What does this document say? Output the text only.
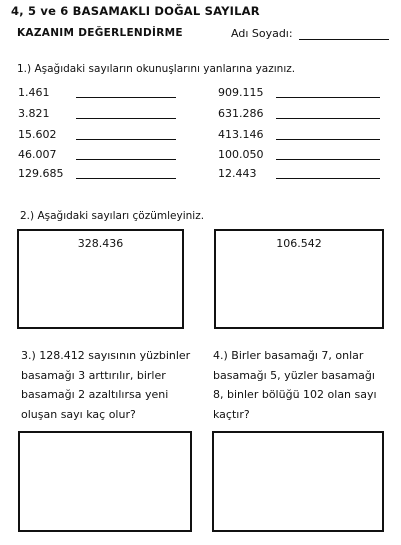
4, 5 ve 6 BASAMAKLI DOĞAL SAYILAR
KAZANIM DEĞERLENDİRME	Adı Soyadı:
1.) Aşağıdaki sayıların okunuşlarını yanlarına yazınız.
1.461
3.821
15.602
46.007
129.685
909.115
631.286
413.146
100.050
12.443
2.) Aşağıdaki sayıları çözümleyiniz.
328.436	106.542
3.) 128.412 sayısının yüzbinler
basamağı 3 arttırılır, birler
basamağı 2 azaltılırsa yeni
oluşan sayı kaç olur?
4.) Birler basamağı 7, onlar
basamağı 5, yüzler basamağı
8, binler bölüğü 102 olan sayı
kaçtır?
